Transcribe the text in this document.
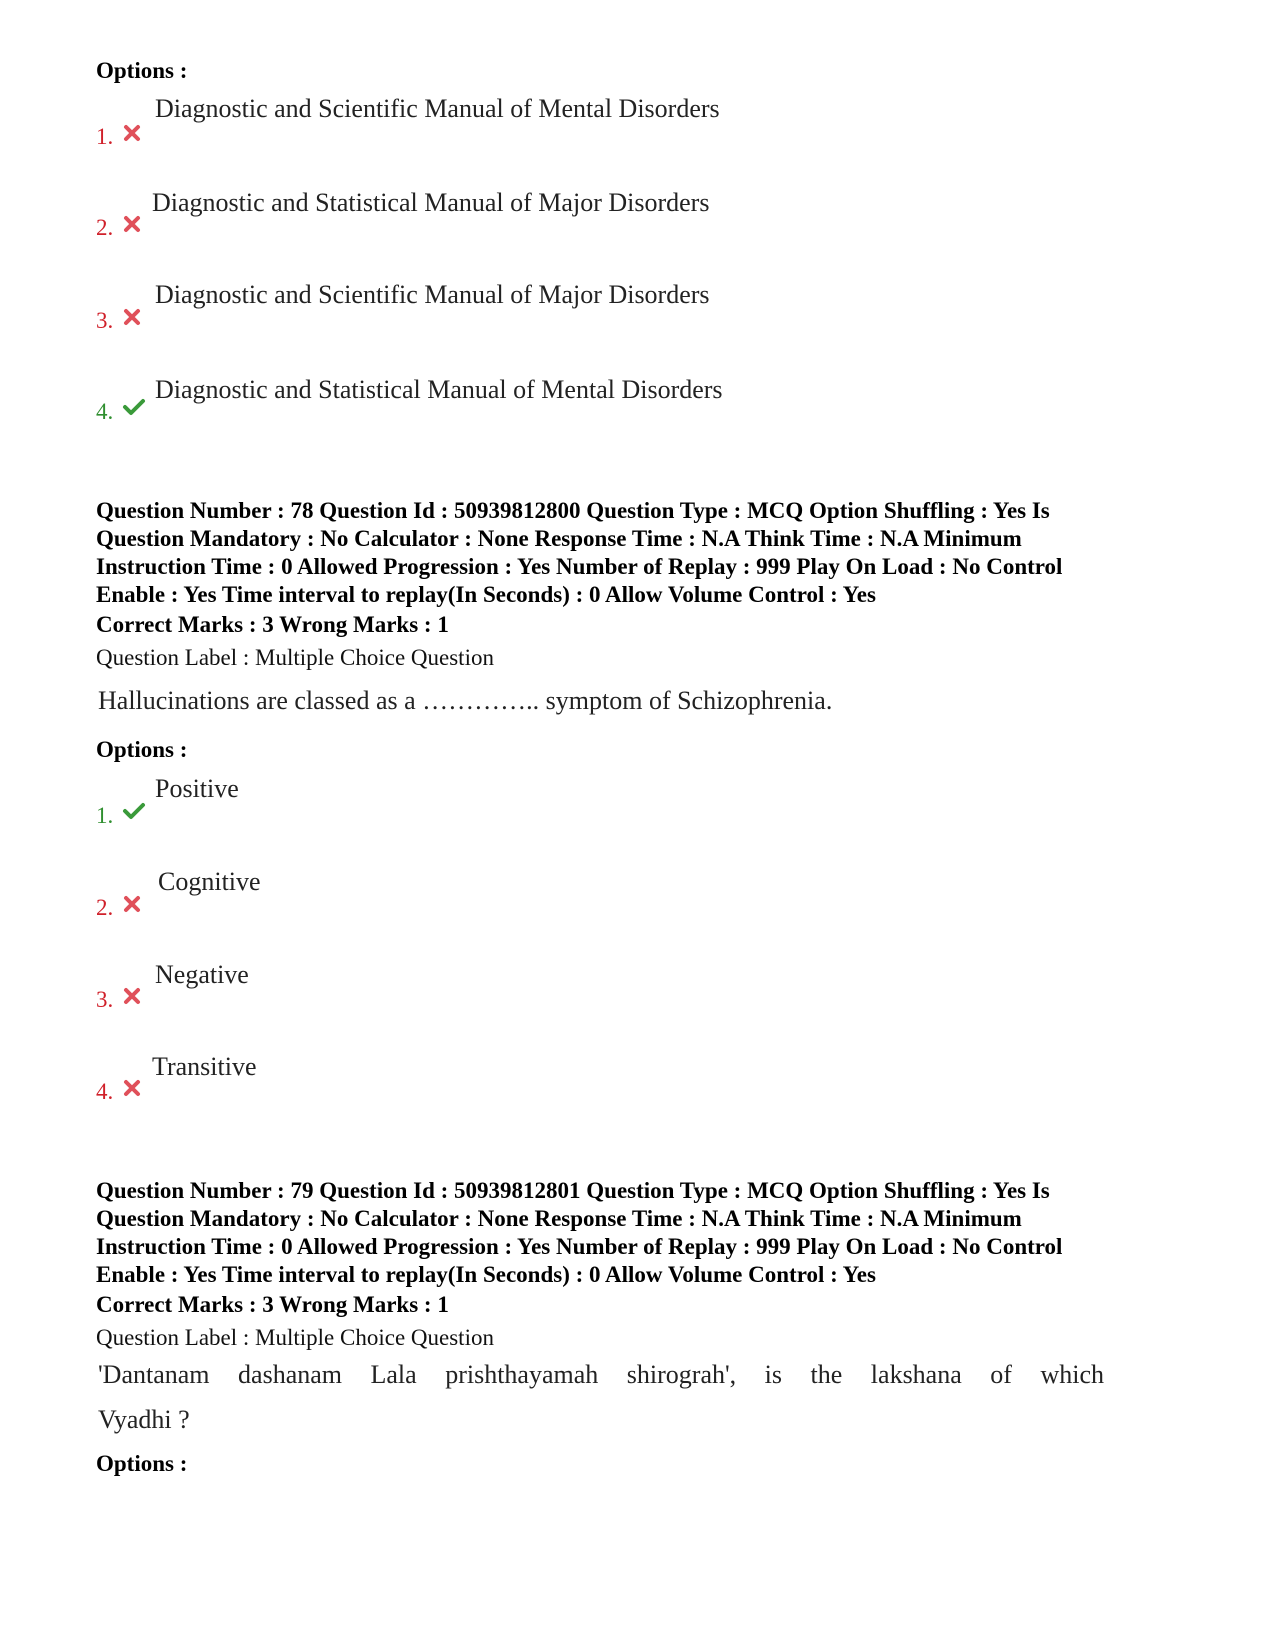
Options :
1.
Diagnostic and Scientific Manual of Mental Disorders
2.
Diagnostic and Statistical Manual of Major Disorders
3.
Diagnostic and Scientific Manual of Major Disorders
4.
Diagnostic and Statistical Manual of Mental Disorders
Question Number : 78 Question Id : 50939812800 Question Type : MCQ Option Shuffling : Yes Is
Question Mandatory : No Calculator : None Response Time : N.A Think Time : N.A Minimum
Instruction Time : 0 Allowed Progression : Yes Number of Replay : 999 Play On Load : No Control
Enable : Yes Time interval to replay(In Seconds) : 0 Allow Volume Control : Yes
Correct Marks : 3 Wrong Marks : 1
Question Label : Multiple Choice Question
Hallucinations are classed as a ………….. symptom of Schizophrenia.
Options :
1.
Positive
2.
Cognitive
3.
Negative
4.
Transitive
Question Number : 79 Question Id : 50939812801 Question Type : MCQ Option Shuffling : Yes Is
Question Mandatory : No Calculator : None Response Time : N.A Think Time : N.A Minimum
Instruction Time : 0 Allowed Progression : Yes Number of Replay : 999 Play On Load : No Control
Enable : Yes Time interval to replay(In Seconds) : 0 Allow Volume Control : Yes
Correct Marks : 3 Wrong Marks : 1
Question Label : Multiple Choice Question
'Dantanam dashanam Lala prishthayamah shirograh', is the lakshana of which
Vyadhi ?
Options :
